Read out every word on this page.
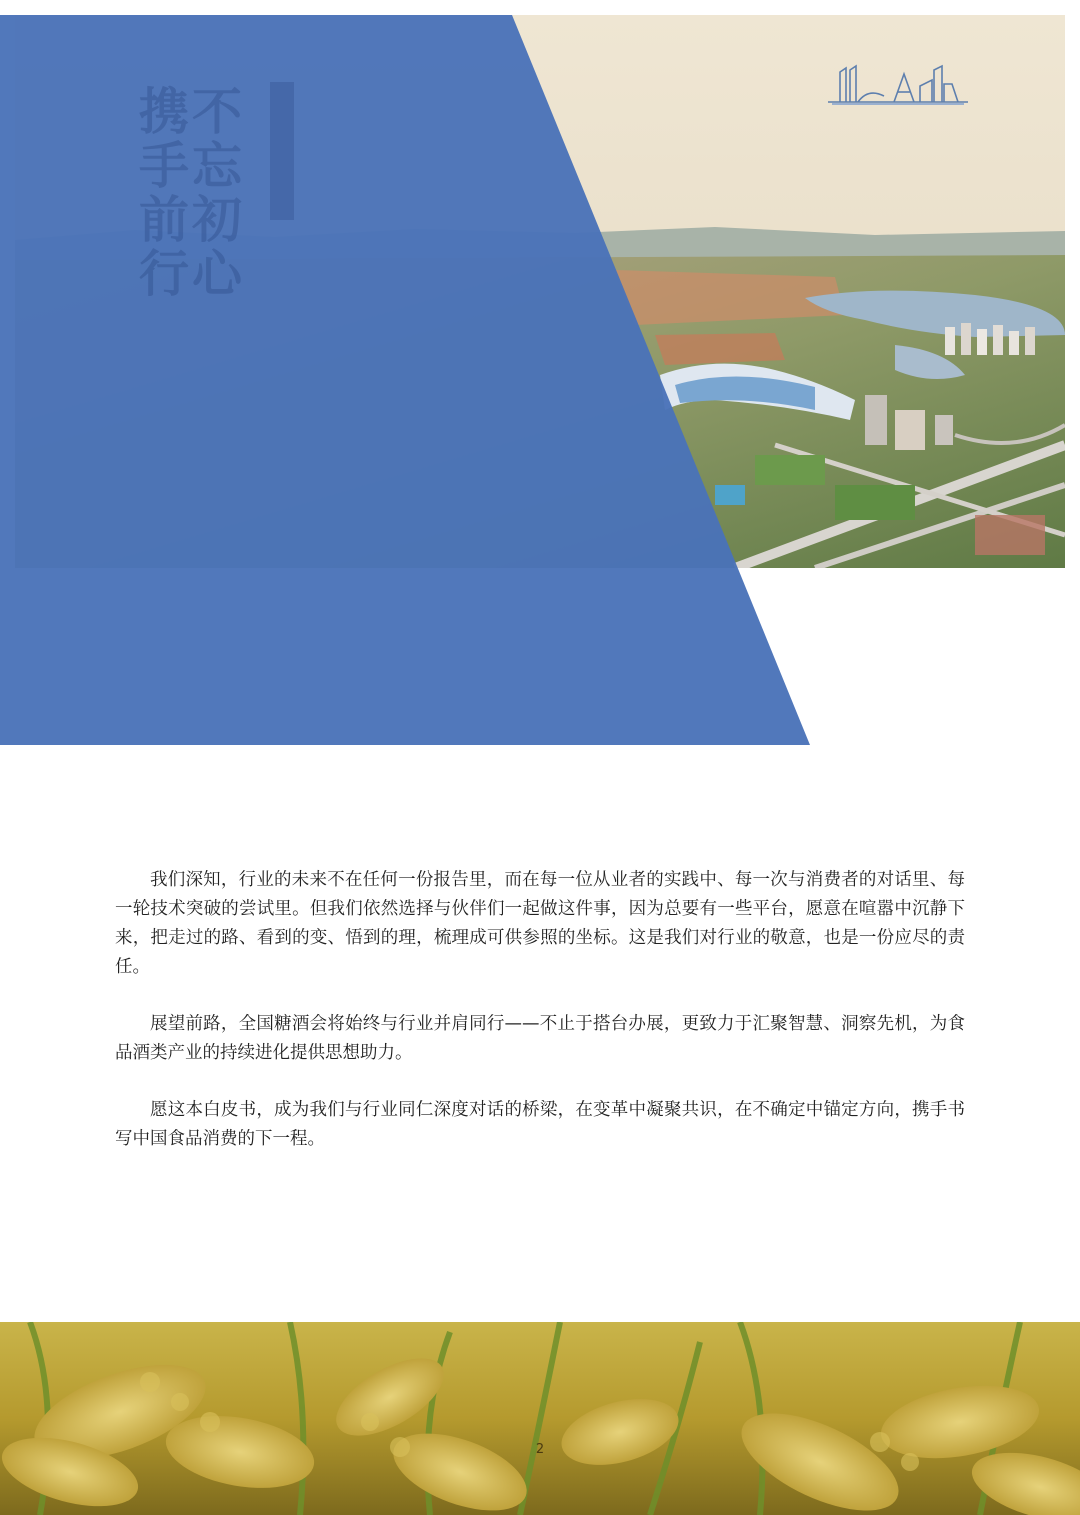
不忘初心
携手前行

我们深知，行业的未来不在任何一份报告里，而在每一位从业者的实践中、每一次与消费者的对话里、每一轮技术突破的尝试里。但我们依然选择与伙伴们一起做这件事，因为总要有一些平台，愿意在喧嚣中沉静下来，把走过的路、看到的变、悟到的理，梳理成可供参照的坐标。这是我们对行业的敬意，也是一份应尽的责任。

展望前路，全国糖酒会将始终与行业并肩同行——不止于搭台办展，更致力于汇聚智慧、洞察先机，为食品酒类产业的持续进化提供思想助力。

愿这本白皮书，成为我们与行业同仁深度对话的桥梁，在变革中凝聚共识，在不确定中锚定方向，携手书写中国食品消费的下一程。

2
